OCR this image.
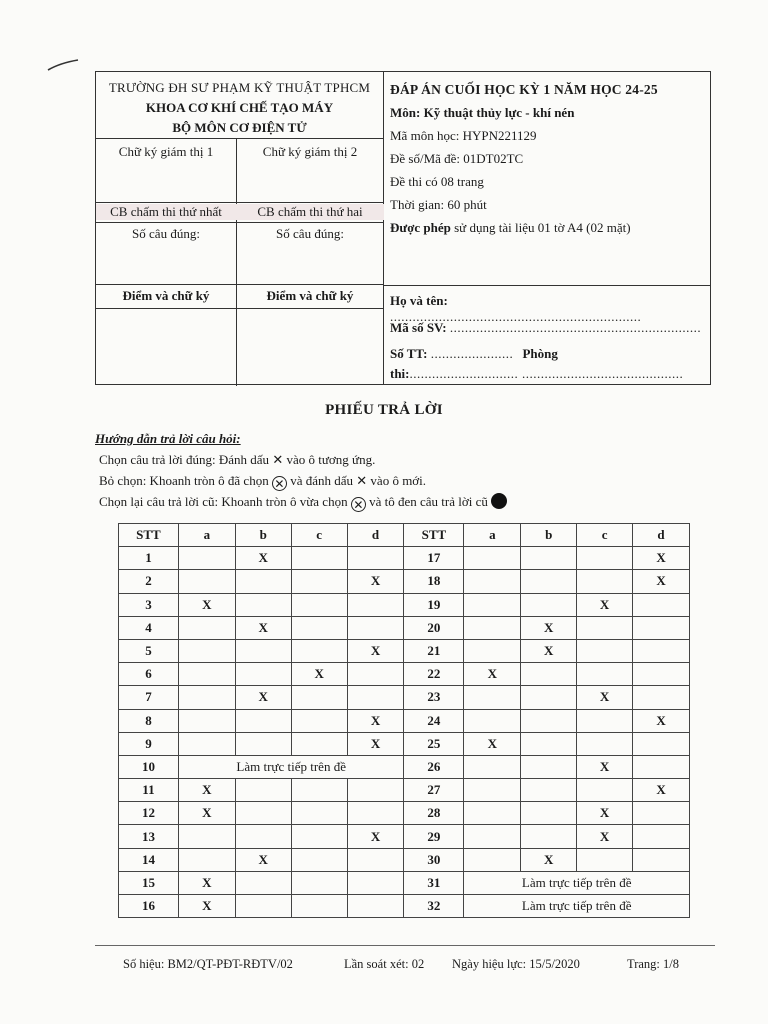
TRƯỜNG ĐH SƯ PHẠM KỸ THUẬT TPHCM
KHOA CƠ KHÍ CHẾ TẠO MÁY
BỘ MÔN CƠ ĐIỆN TỬ
Chữ ký giám thị 1	Chữ ký giám thị 2
CB chấm thi thứ nhất	CB chấm thi thứ hai
Số câu đúng:	Số câu đúng:
Điểm và chữ ký	Điểm và chữ ký
ĐÁP ÁN CUỐI HỌC KỲ 1 NĂM HỌC 24-25
Môn: Kỹ thuật thủy lực - khí nén
Mã môn học: HYPN221129
Đề số/Mã đề: 01DT02TC
Đề thi có 08 trang
Thời gian: 60 phút
Được phép sử dụng tài liệu 01 tờ A4 (02 mặt)
Họ và tên: ...................................................................
Mã số SV: ...................................................................
Số TT: ...................... Phòng
thi:............................. ...........................................
PHIẾU TRẢ LỜI
Hướng dẫn trả lời câu hỏi:
Chọn câu trả lời đúng: Đánh dấu ✕ vào ô tương ứng.
Bỏ chọn: Khoanh tròn ô đã chọn ✕ và đánh dấu ✕ vào ô mới.
Chọn lại câu trả lời cũ: Khoanh tròn ô vừa chọn ✕ và tô đen câu trả lời cũ
STT	a	b	c	d	STT	a	b	c	d
1		X			17				X
2				X	18				X
3	X				19			X	
4		X			20		X		
5				X	21		X		
6			X		22	X			
7		X			23			X	
8				X	24				X
9				X	25	X			
10	Làm trực tiếp trên đề				26			X	
11	X				27				X
12	X				28			X	
13				X	29			X	
14		X			30		X		
15	X				31	Làm trực tiếp trên đề			
16	X				32	Làm trực tiếp trên đề			
Số hiệu: BM2/QT-PĐT-RĐTV/02	Lần soát xét: 02 Ngày hiệu lực: 15/5/2020	Trang: 1/8
